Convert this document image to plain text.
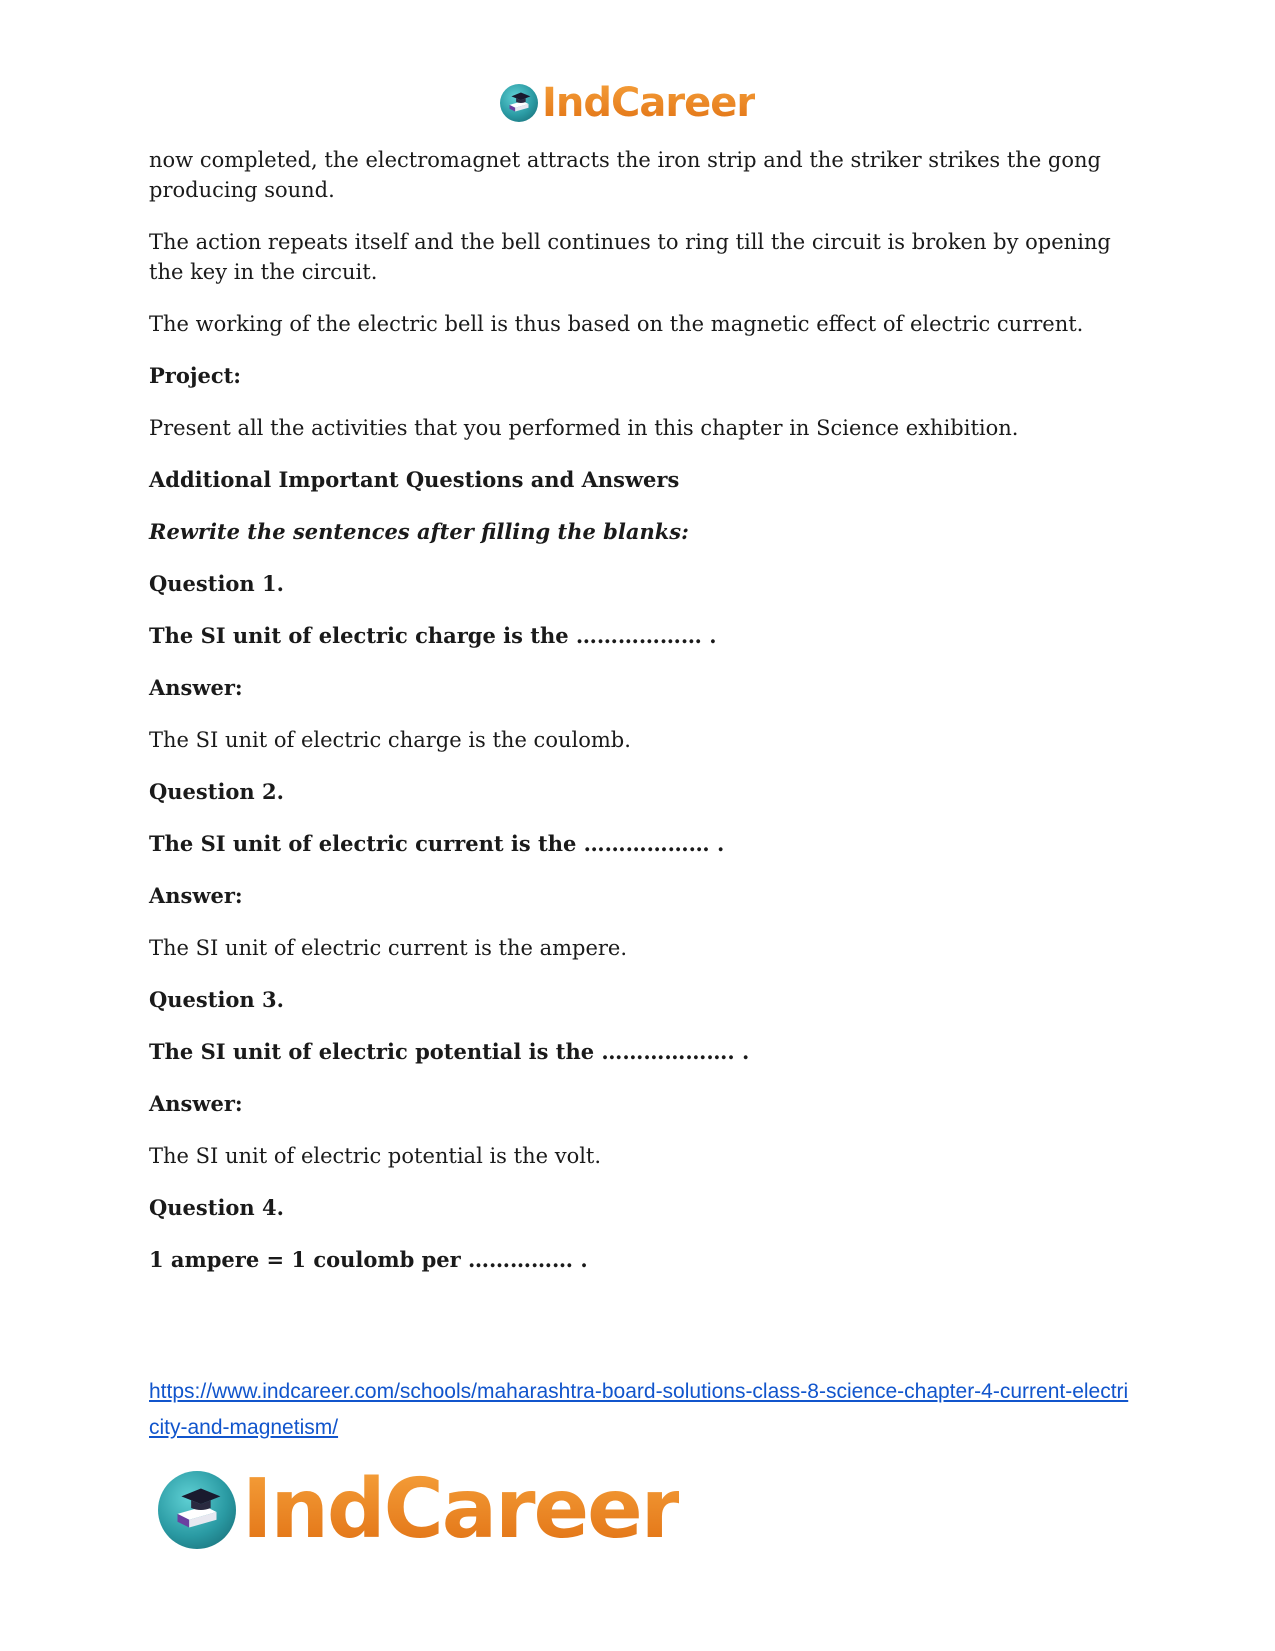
IndCareer

now completed, the electromagnet attracts the iron strip and the striker strikes the gong producing sound.

The action repeats itself and the bell continues to ring till the circuit is broken by opening the key in the circuit.

The working of the electric bell is thus based on the magnetic effect of electric current.

Project:

Present all the activities that you performed in this chapter in Science exhibition.

Additional Important Questions and Answers

Rewrite the sentences after filling the blanks:

Question 1.

The SI unit of electric charge is the ……………… .

Answer:

The SI unit of electric charge is the coulomb.

Question 2.

The SI unit of electric current is the ……………… .

Answer:

The SI unit of electric current is the ampere.

Question 3.

The SI unit of electric potential is the ………………. .

Answer:

The SI unit of electric potential is the volt.

Question 4.

1 ampere = 1 coulomb per …………… .

https://www.indcareer.com/schools/maharashtra-board-solutions-class-8-science-chapter-4-current-electricity-and-magnetism/
IndCareer
